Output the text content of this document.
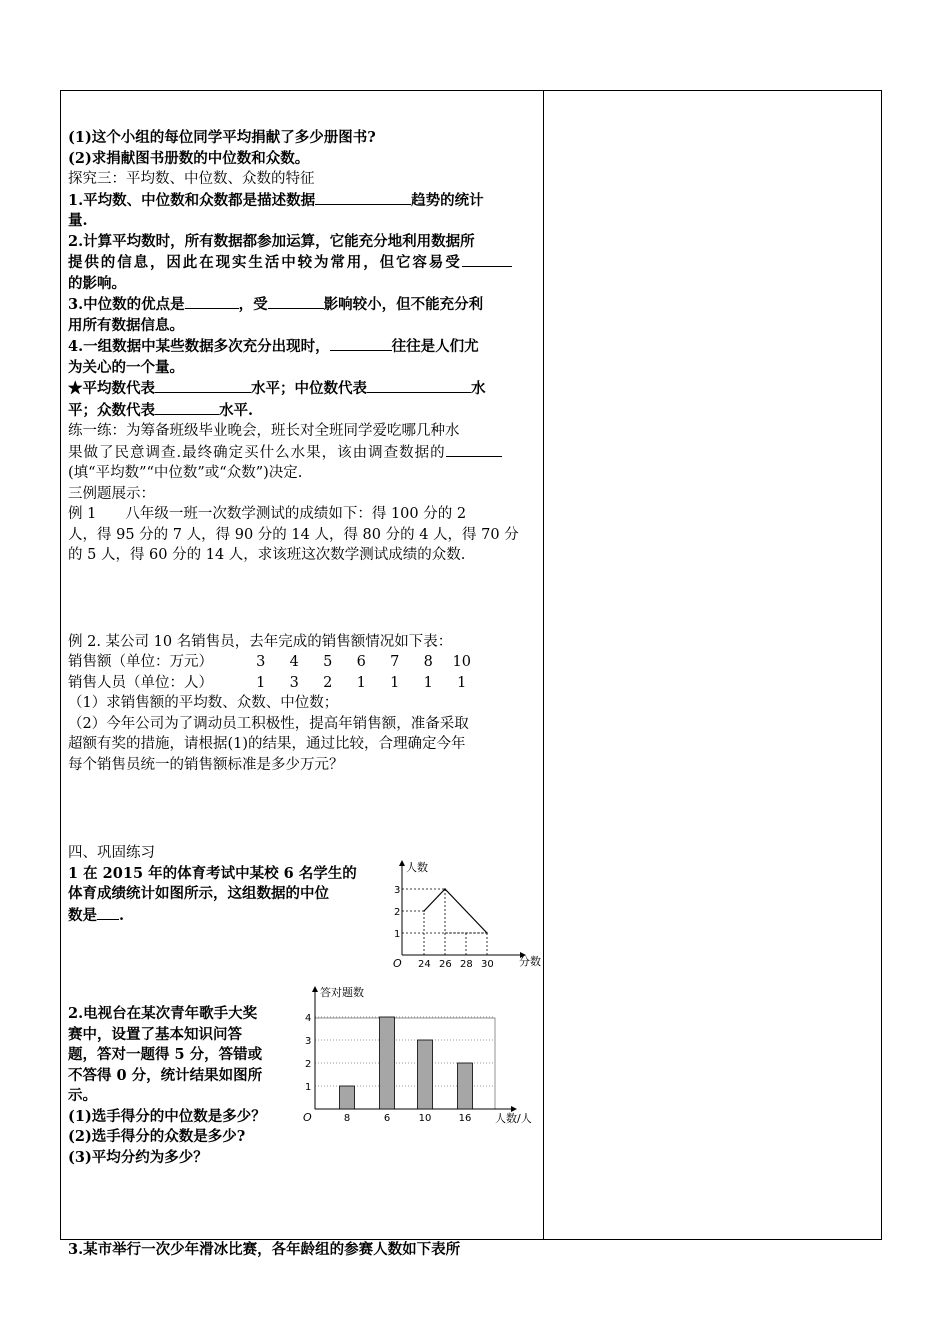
(1)这个小组的每位同学平均捐献了多少册图书?
(2)求捐献图书册数的中位数和众数。
探究三：平均数、中位数、众数的特征
1.平均数、中位数和众数都是描述数据	趋势的统计
量.
2.计算平均数时，所有数据都参加运算，它能充分地利用数据所
提供的信息，因此在现实生活中较为常用，但它容易受
的影响。
3.中位数的优点是	，受	影响较小，但不能充分利
用所有数据信息。
4.一组数据中某些数据多次充分出现时，	往往是人们尤
为关心的一个量。
★平均数代表	水平；中位数代表	水
平；众数代表	水平.
练一练：为筹备班级毕业晚会，班长对全班同学爱吃哪几种水
果做了民意调查.最终确定买什么水果，该由调查数据的
(填“平均数”“中位数”或“众数”)决定.
三例题展示：
例 1　　八年级一班一次数学测试的成绩如下：得 100 分的 2
人，得 95 分的 7 人，得 90 分的 14 人，得 80 分的 4 人，得 70 分
的 5 人，得 60 分的 14 人，求该班这次数学测试成绩的众数.
例 2. 某公司 10 名销售员，去年完成的销售额情况如下表：
销售额（单位：万元）	3	4	5	6	7	8	10
销售人员（单位：人）	1	3	2	1	1	1	1
（1）求销售额的平均数、众数、中位数；
（2）今年公司为了调动员工积极性，提高年销售额，准备采取
超额有奖的措施，请根据(1)的结果，通过比较，合理确定今年
每个销售员统一的销售额标准是多少万元？
四、巩固练习
1 在 2015 年的体育考试中某校 6 名学生的
体育成绩统计如图所示，这组数据的中位
数是 .
2.电视台在某次青年歌手大奖
赛中，设置了基本知识问答
题，答对一题得 5 分，答错或
不答得 0 分，统计结果如图所
示。
(1)选手得分的中位数是多少？
(2)选手得分的众数是多少?
(3)平均分约为多少？
3.某市举行一次少年滑冰比赛，各年龄组的参赛人数如下表所
人数
分数
O
1
2
3
24 26 28 30
1
2
3
4
答对题数
人数/人
O	8	6	10	16
